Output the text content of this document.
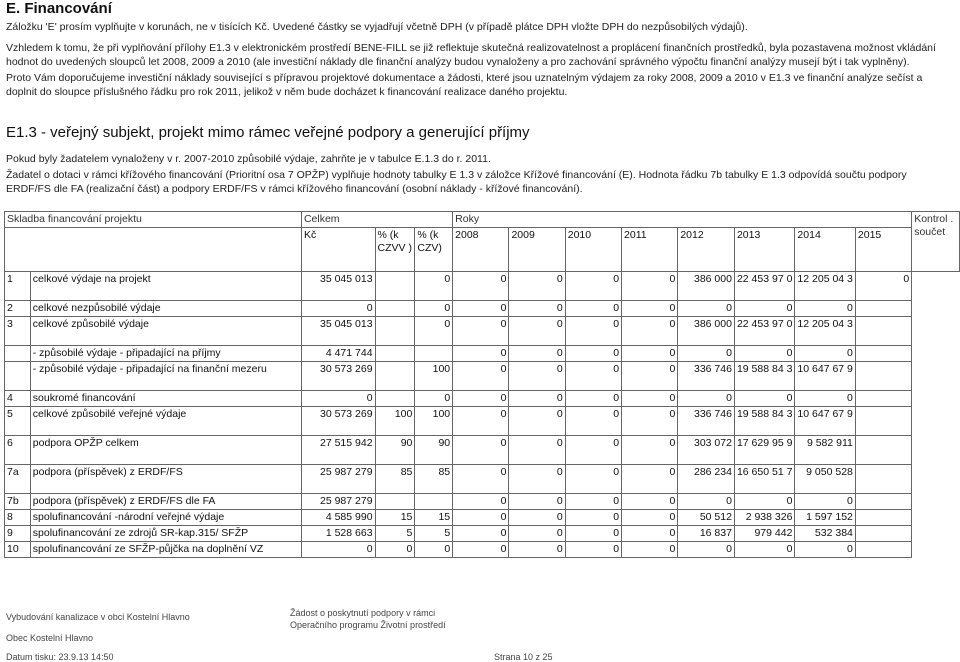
E. Financování
Záložku 'E' prosím vyplňujte v korunách, ne v tisících Kč. Uvedené částky se vyjadřují včetně DPH (v případě plátce DPH vložte DPH do nezpůsobilých výdajů).
Vzhledem k tomu, že při vyplňování přílohy E1.3 v elektronickém prostředí BENE-FILL se již reflektuje skutečná realizovatelnost a proplácení finančních prostředků, byla pozastavena možnost vkládání hodnot do uvedených sloupců let 2008, 2009 a 2010 (ale investiční náklady dle finanční analýzy budou vynaloženy a pro zachování správného výpočtu finanční analýzy musejí být i tak vyplněny).
Proto Vám doporučujeme investiční náklady související s přípravou projektové dokumentace a žádosti, které jsou uznatelným výdajem za roky 2008, 2009 a 2010 v E1.3 ve finanční analýze sečíst a doplnit do sloupce příslušného řádku pro rok 2011, jelikož v něm bude docházet k financování realizace daného projektu.
E1.3 - veřejný subjekt, projekt mimo rámec veřejné podpory a generující příjmy
Pokud byly žadatelem vynaloženy v r. 2007-2010 způsobilé výdaje, zahrňte je v tabulce E.1.3 do r. 2011.
Žadatel o dotaci v rámci křížového financování (Prioritní osa 7 OPŽP) vyplňuje hodnoty tabulky E 1.3 v záložce Křížové financování (E). Hodnota řádku 7b tabulky E 1.3 odpovídá součtu podpory
ERDF/FS dle FA (realizační část) a podpory ERDF/FS v rámci křížového financování (osobní náklady - křížové financování).
Skladba financování projektu		Celkem			Roky								Kontrol . součet
		Kč	% (k CZVV )	% (k CZV)	2008	2009	2010	2011	2012	2013	2014	2015	
1	celkové výdaje na projekt	35 045 013		0	0	0	0	0	386 000	22 453 97 0	12 205 04 3	0	
2	celkové nezpůsobilé výdaje	0		0	0	0	0	0	0	0	0		
3	celkové způsobilé výdaje	35 045 013		0	0	0	0	0	386 000	22 453 97 0	12 205 04 3		
	- způsobilé výdaje - připadající na příjmy	4 471 744			0	0	0	0	0	0	0		
	- způsobilé výdaje - připadající na finanční mezeru	30 573 269		100	0	0	0	0	336 746	19 588 84 3	10 647 67 9		
4	soukromé financování	0		0	0	0	0	0	0	0	0		
5	celkové způsobilé veřejné výdaje	30 573 269	100	100	0	0	0	0	336 746	19 588 84 3	10 647 67 9		
6	podpora OPŽP celkem	27 515 942	90	90	0	0	0	0	303 072	17 629 95 9	9 582 911		
7a	podpora (příspěvek) z ERDF/FS	25 987 279	85	85	0	0	0	0	286 234	16 650 51 7	9 050 528		
7b	podpora (příspěvek) z ERDF/FS dle FA	25 987 279			0	0	0	0	0	0	0		
8	spolufinancování -národní veřejné výdaje	4 585 990	15	15	0	0	0	0	50 512	2 938 326	1 597 152		
9	spolufinancování ze zdrojů SR-kap.315/ SFŽP	1 528 663	5	5	0	0	0	0	16 837	979 442	532 384		
10	spolufinancování ze SFŽP-půjčka na doplnění VZ	0	0	0	0	0	0	0	0	0	0		
Vybudování kanalizace v obci Kostelní Hlavno
Obec Kostelní Hlavno
Žádost o poskytnutí podpory v rámci
Operačního programu Životní prostředí
Datum tisku: 23.9.13 14:50	Strana 10 z 25
